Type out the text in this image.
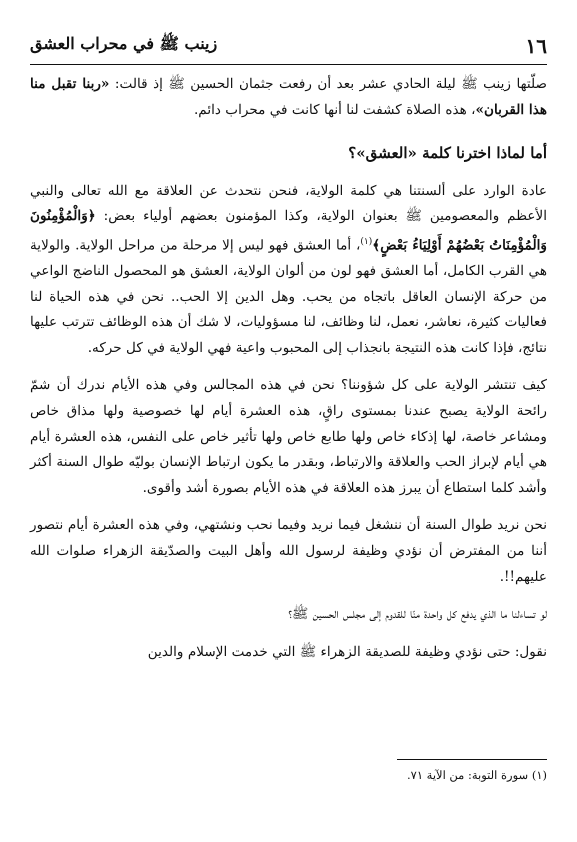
١٦
زينب ﷺ في محراب العشق

صلّتها زينب ﷺ ليلة الحادي عشر بعد أن رفعت جثمان الحسين ﷺ إذ قالت: «ربنا تقبل منا هذا القربان»، هذه الصلاة كشفت لنا أنها كانت في محراب دائم.

أما لماذا اخترنا كلمة «العشق»؟

عادة الوارد على ألسنتنا هي كلمة الولاية، فنحن نتحدث عن العلاقة مع الله تعالى والنبي الأعظم والمعصومين ﷺ بعنوان الولاية، وكذا المؤمنون بعضهم أولياء بعض: ﴿وَالْمُؤْمِنُونَ وَالْمُؤْمِنَاتُ بَعْضُهُمْ أَوْلِيَاءُ بَعْضٍ﴾$^{(١)}$، أما العشق فهو ليس إلا مرحلة من مراحل الولاية. والولاية هي القرب الكامل، أما العشق فهو لون من ألوان الولاية، العشق هو المحصول الناضج الواعي من حركة الإنسان العاقل باتجاه من يحب. وهل الدين إلا الحب.. نحن في هذه الحياة لنا فعاليات كثيرة، نعاشر، نعمل، لنا وظائف، لنا مسؤوليات، لا شك أن هذه الوظائف تترتب عليها نتائج، فإذا كانت هذه النتيجة بانجذاب إلى المحبوب واعية فهي الولاية في كل حركه.

كيف تنتشر الولاية على كل شؤوننا؟ نحن في هذه المجالس وفي هذه الأيام ندرك أن شمّ رائحة الولاية يصبح عندنا بمستوى راقٍ، هذه العشرة أيام لها خصوصية ولها مذاق خاص ومشاعر خاصة، لها إذكاء خاص ولها طابع خاص ولها تأثير خاص على النفس، هذه العشرة أيام هي أيام لإبراز الحب والعلاقة والارتباط، وبقدر ما يكون ارتباط الإنسان بوليّه طوال السنة أكثر وأشد كلما استطاع أن يبرز هذه العلاقة في هذه الأيام بصورة أشد وأقوى.

نحن نريد طوال السنة أن ننشغل فيما نريد وفيما نحب ونشتهي، وفي هذه العشرة أيام نتصور أننا من المفترض أن نؤدي وظيفة لرسول الله وأهل البيت والصدّيقة الزهراء صلوات الله عليهم!!.

لو تساءلنا ما الذي يدفع كل واحدة منّا للقدوم إلى مجلس الحسين ﷺ؟

نقول: حتى نؤدي وظيفة للصديقة الزهراء ﷺ التي خدمت الإسلام والدين

(١) سورة التوبة: من الآية ٧١.
